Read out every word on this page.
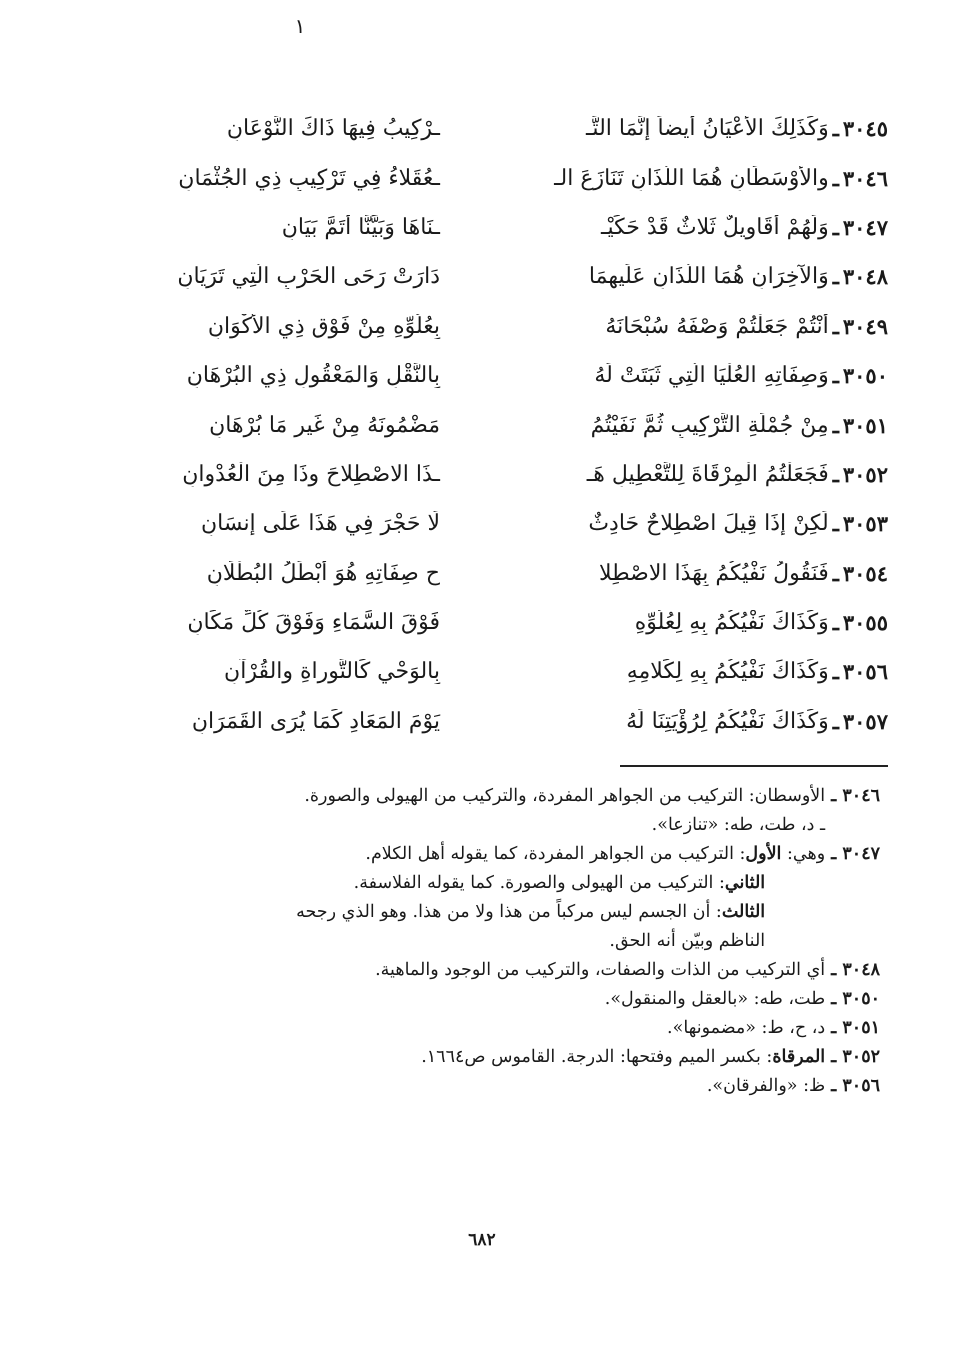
١
٣٠٤٥
ـ
وَكَذَلِكَ الأَعْيَانُ أَيضاً إِنَّمَا التَّـ
ـرْكِيبُ فِيهَا ذَاكَ النَّوْعَانِ
٣٠٤٦
ـ
والأَوْسَطَانِ هُمَا اللَّذَانِ تَنَازَعَ الـ
ـعُقَلاءُ فِي تَرْكِيبِ ذِي الجُثْمَانِ
٣٠٤٧
ـ
وَلَهُمْ أَقَاوِيلٌ ثَلاثٌ قَدْ حَكَيْـ
ـنَاهَا وَبَيَّنَّا أَتَمَّ بَيَانِ
٣٠٤٨
ـ
وَالآخِرَانِ هُمَا اللَّذَانِ عَلَيهِمَا
دَارَتْ رَحَى الحَرْبِ الَّتِي تَرَيَانِ
٣٠٤٩
ـ
أَنْتُمْ جَعَلْتُمْ وَصْفَهُ سُبْحَانَهُ
بِعُلُوِّهِ مِنْ فَوْقِ ذِي الأَكْوَانِ
٣٠٥٠
ـ
وَصِفَاتِهِ العُلْيَا الَّتِي ثَبَتَتْ لَهُ
بِالنَّقْلِ وَالمَعْقُولِ ذِي البُرْهَانِ
٣٠٥١
ـ
مِنْ جُمْلَةِ التَّرْكِيبِ ثُمَّ نَفَيْتُمُ
مَضْمُونَهُ مِنْ غَيرِ مَا بُرْهَانِ
٣٠٥٢
ـ
فَجَعَلْتُمُ الْمِرْقَاةَ لِلتَّعْطِيلِ هَـ
ـذَا الاصْطِلاحَ وذَا مِنَ الْعُدْوانِ
٣٠٥٣
ـ
لَكِنْ إِذَا قِيلَ اصْطِلاحٌ حَادِثٌ
لَا حَجْرَ فِي هَذَا عَلَى إِنسَانِ
٣٠٥٤
ـ
فَنَقُولُ نَفْيُكُمُ بِهَذَا الاصْطِلا
حِ صِفَاتِهِ هُوَ أَبْطَلُ البُطْلَانِ
٣٠٥٥
ـ
وَكَذَاكَ نَفْيُكُمُ بِهِ لِعُلُوِّهِ
فَوْقَ السَّمَاءِ وَفَوْقَ كُلِّ مَكَانِ
٣٠٥٦
ـ
وَكَذَاكَ نَفْيُكُمُ بِهِ لِكَلامِهِ
بِالوَحْيِ كَالتَّوراةِ والقُرْآنِ
٣٠٥٧
ـ
وَكَذَاكَ نَفْيُكُمُ لِرُؤْيَتِنَا لَهُ
يَوْمَ المَعَادِ كَمَا يُرَى القَمَرَانِ
٣٠٤٦ ـ
الأوسطان: التركيب من الجواهر المفردة، والتركيب من الهيولى والصورة.
ـ د، طت، طه: «تنازعا».
٣٠٤٧ ـ
وهي: الأول: التركيب من الجواهر المفردة، كما يقوله أهل الكلام.
الثاني: التركيب من الهيولى والصورة. كما يقوله الفلاسفة.
الثالث: أن الجسم ليس مركباً من هذا ولا من هذا. وهو الذي رجحه
الناظم وبيّن أنه الحق.
٣٠٤٨ ـ
أي التركيب من الذات والصفات، والتركيب من الوجود والماهية.
٣٠٥٠ ـ
طت، طه: «بالعقل والمنقول».
٣٠٥١ ـ
د، ح، ط: «مضمونها».
٣٠٥٢ ـ
المرقاة: بكسر الميم وفتحها: الدرجة. القاموس ص١٦٦٤.
٣٠٥٦ ـ
ظ: «والفرقان».
٦٨٢
